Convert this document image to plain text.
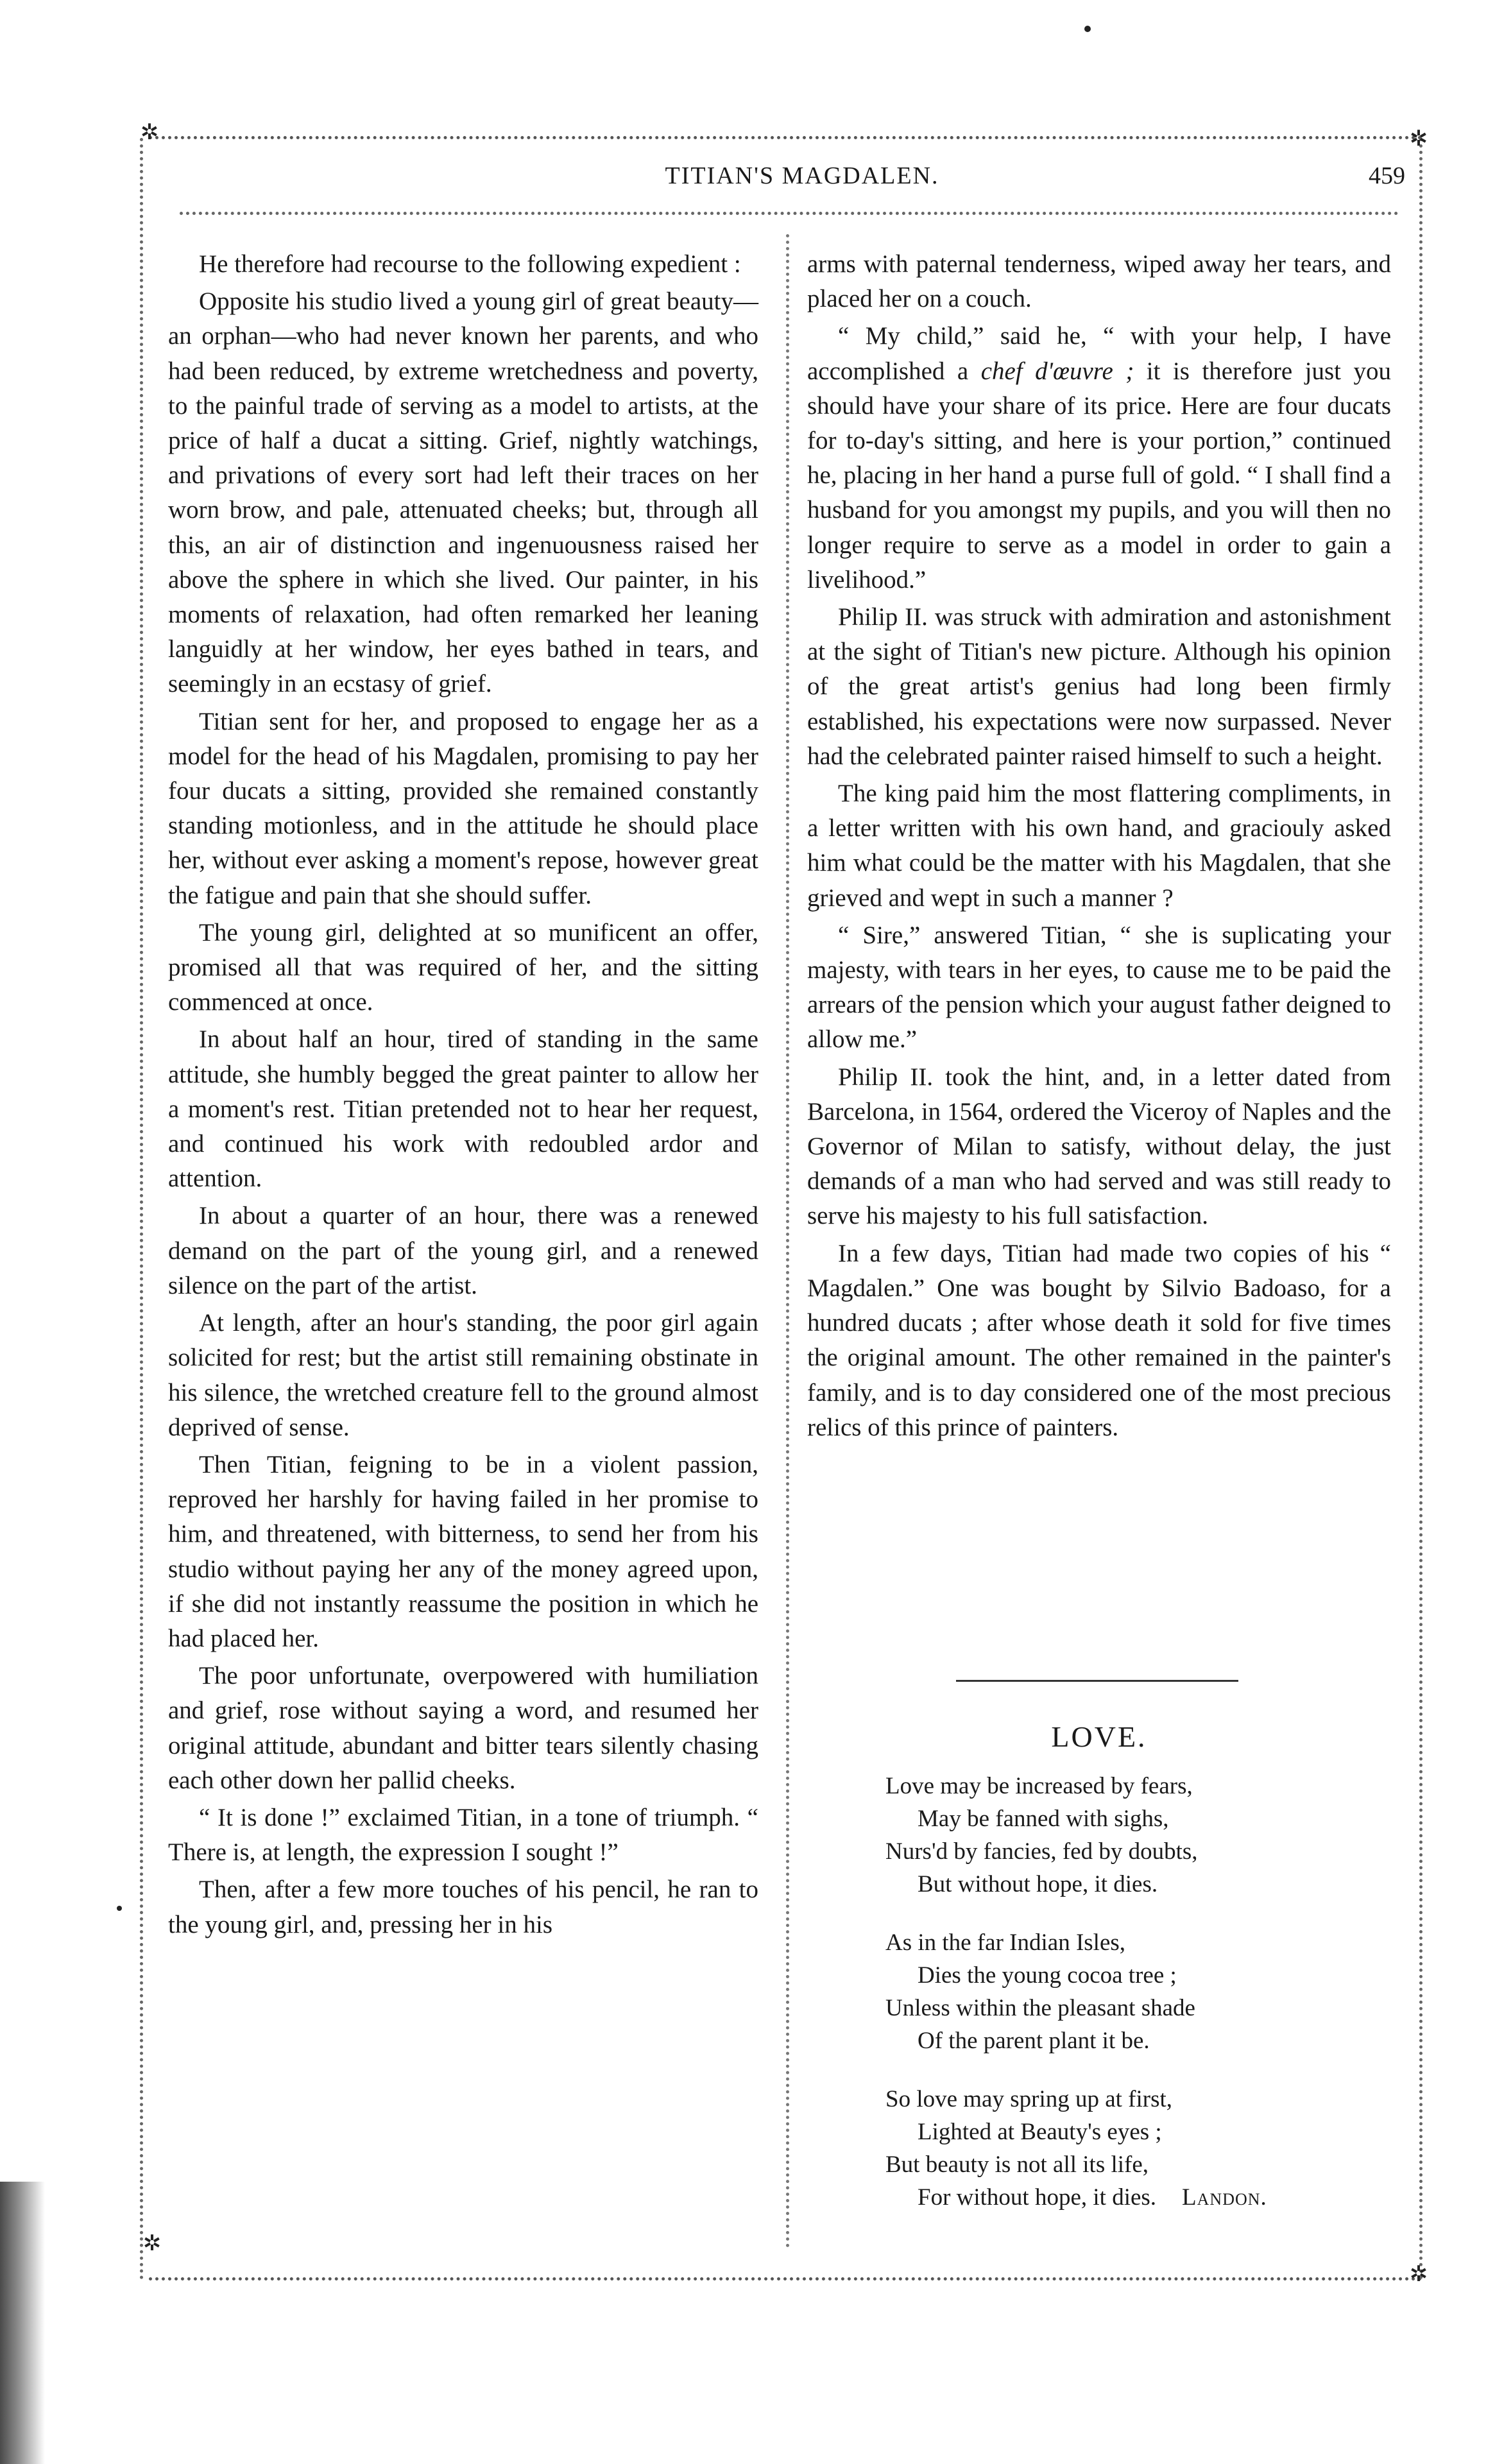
✲	✲
✲
✲
TITIAN'S MAGDALEN.	459

He therefore had recourse to the following expedient :

Opposite his studio lived a young girl of great beauty—an orphan—who had never known her parents, and who had been reduced, by extreme wretchedness and poverty, to the painful trade of serving as a model to artists, at the price of half a ducat a sitting. Grief, nightly watchings, and privations of every sort had left their traces on her worn brow, and pale, attenuated cheeks; but, through all this, an air of distinction and ingenuousness raised her above the sphere in which she lived. Our painter, in his moments of relaxation, had often remarked her leaning languidly at her window, her eyes bathed in tears, and seemingly in an ecstasy of grief.

Titian sent for her, and proposed to engage her as a model for the head of his Magdalen, promising to pay her four ducats a sitting, provided she remained constantly standing motionless, and in the attitude he should place her, without ever asking a moment's repose, however great the fatigue and pain that she should suffer.

The young girl, delighted at so munificent an offer, promised all that was required of her, and the sitting commenced at once.

In about half an hour, tired of standing in the same attitude, she humbly begged the great painter to allow her a moment's rest. Titian pretended not to hear her request, and continued his work with redoubled ardor and attention.

In about a quarter of an hour, there was a renewed demand on the part of the young girl, and a renewed silence on the part of the artist.

At length, after an hour's standing, the poor girl again solicited for rest; but the artist still remaining obstinate in his silence, the wretched creature fell to the ground almost deprived of sense.

Then Titian, feigning to be in a violent passion, reproved her harshly for having failed in her promise to him, and threatened, with bitterness, to send her from his studio without paying her any of the money agreed upon, if she did not instantly reassume the position in which he had placed her.

The poor unfortunate, overpowered with humiliation and grief, rose without saying a word, and resumed her original attitude, abundant and bitter tears silently chasing each other down her pallid cheeks.

“ It is done !” exclaimed Titian, in a tone of triumph. “ There is, at length, the expression I sought !”

Then, after a few more touches of his pencil, he ran to the young girl, and, pressing her in his

arms with paternal tenderness, wiped away her tears, and placed her on a couch.

“ My child,” said he, “ with your help, I have accomplished a chef d'œuvre ; it is therefore just you should have your share of its price. Here are four ducats for to-day's sitting, and here is your portion,” continued he, placing in her hand a purse full of gold. “ I shall find a husband for you amongst my pupils, and you will then no longer require to serve as a model in order to gain a livelihood.”

Philip II. was struck with admiration and astonishment at the sight of Titian's new picture. Although his opinion of the great artist's genius had long been firmly established, his expectations were now surpassed. Never had the celebrated painter raised himself to such a height.

The king paid him the most flattering compliments, in a letter written with his own hand, and graciouly asked him what could be the matter with his Magdalen, that she grieved and wept in such a manner ?

“ Sire,” answered Titian, “ she is suplicating your majesty, with tears in her eyes, to cause me to be paid the arrears of the pension which your august father deigned to allow me.”

Philip II. took the hint, and, in a letter dated from Barcelona, in 1564, ordered the Viceroy of Naples and the Governor of Milan to satisfy, without delay, the just demands of a man who had served and was still ready to serve his majesty to his full satisfaction.

In a few days, Titian had made two copies of his “ Magdalen.” One was bought by Silvio Badoaso, for a hundred ducats ; after whose death it sold for five times the original amount. The other remained in the painter's family, and is to day considered one of the most precious relics of this prince of painters.

LOVE.
Love may be increased by fears,
May be fanned with sighs,
Nurs'd by fancies, fed by doubts,
But without hope, it dies.
As in the far Indian Isles,
Dies the young cocoa tree ;
Unless within the pleasant shade
Of the parent plant it be.
So love may spring up at first,
Lighted at Beauty's eyes ;
But beauty is not all its life,
For without hope, it dies. Landon.
